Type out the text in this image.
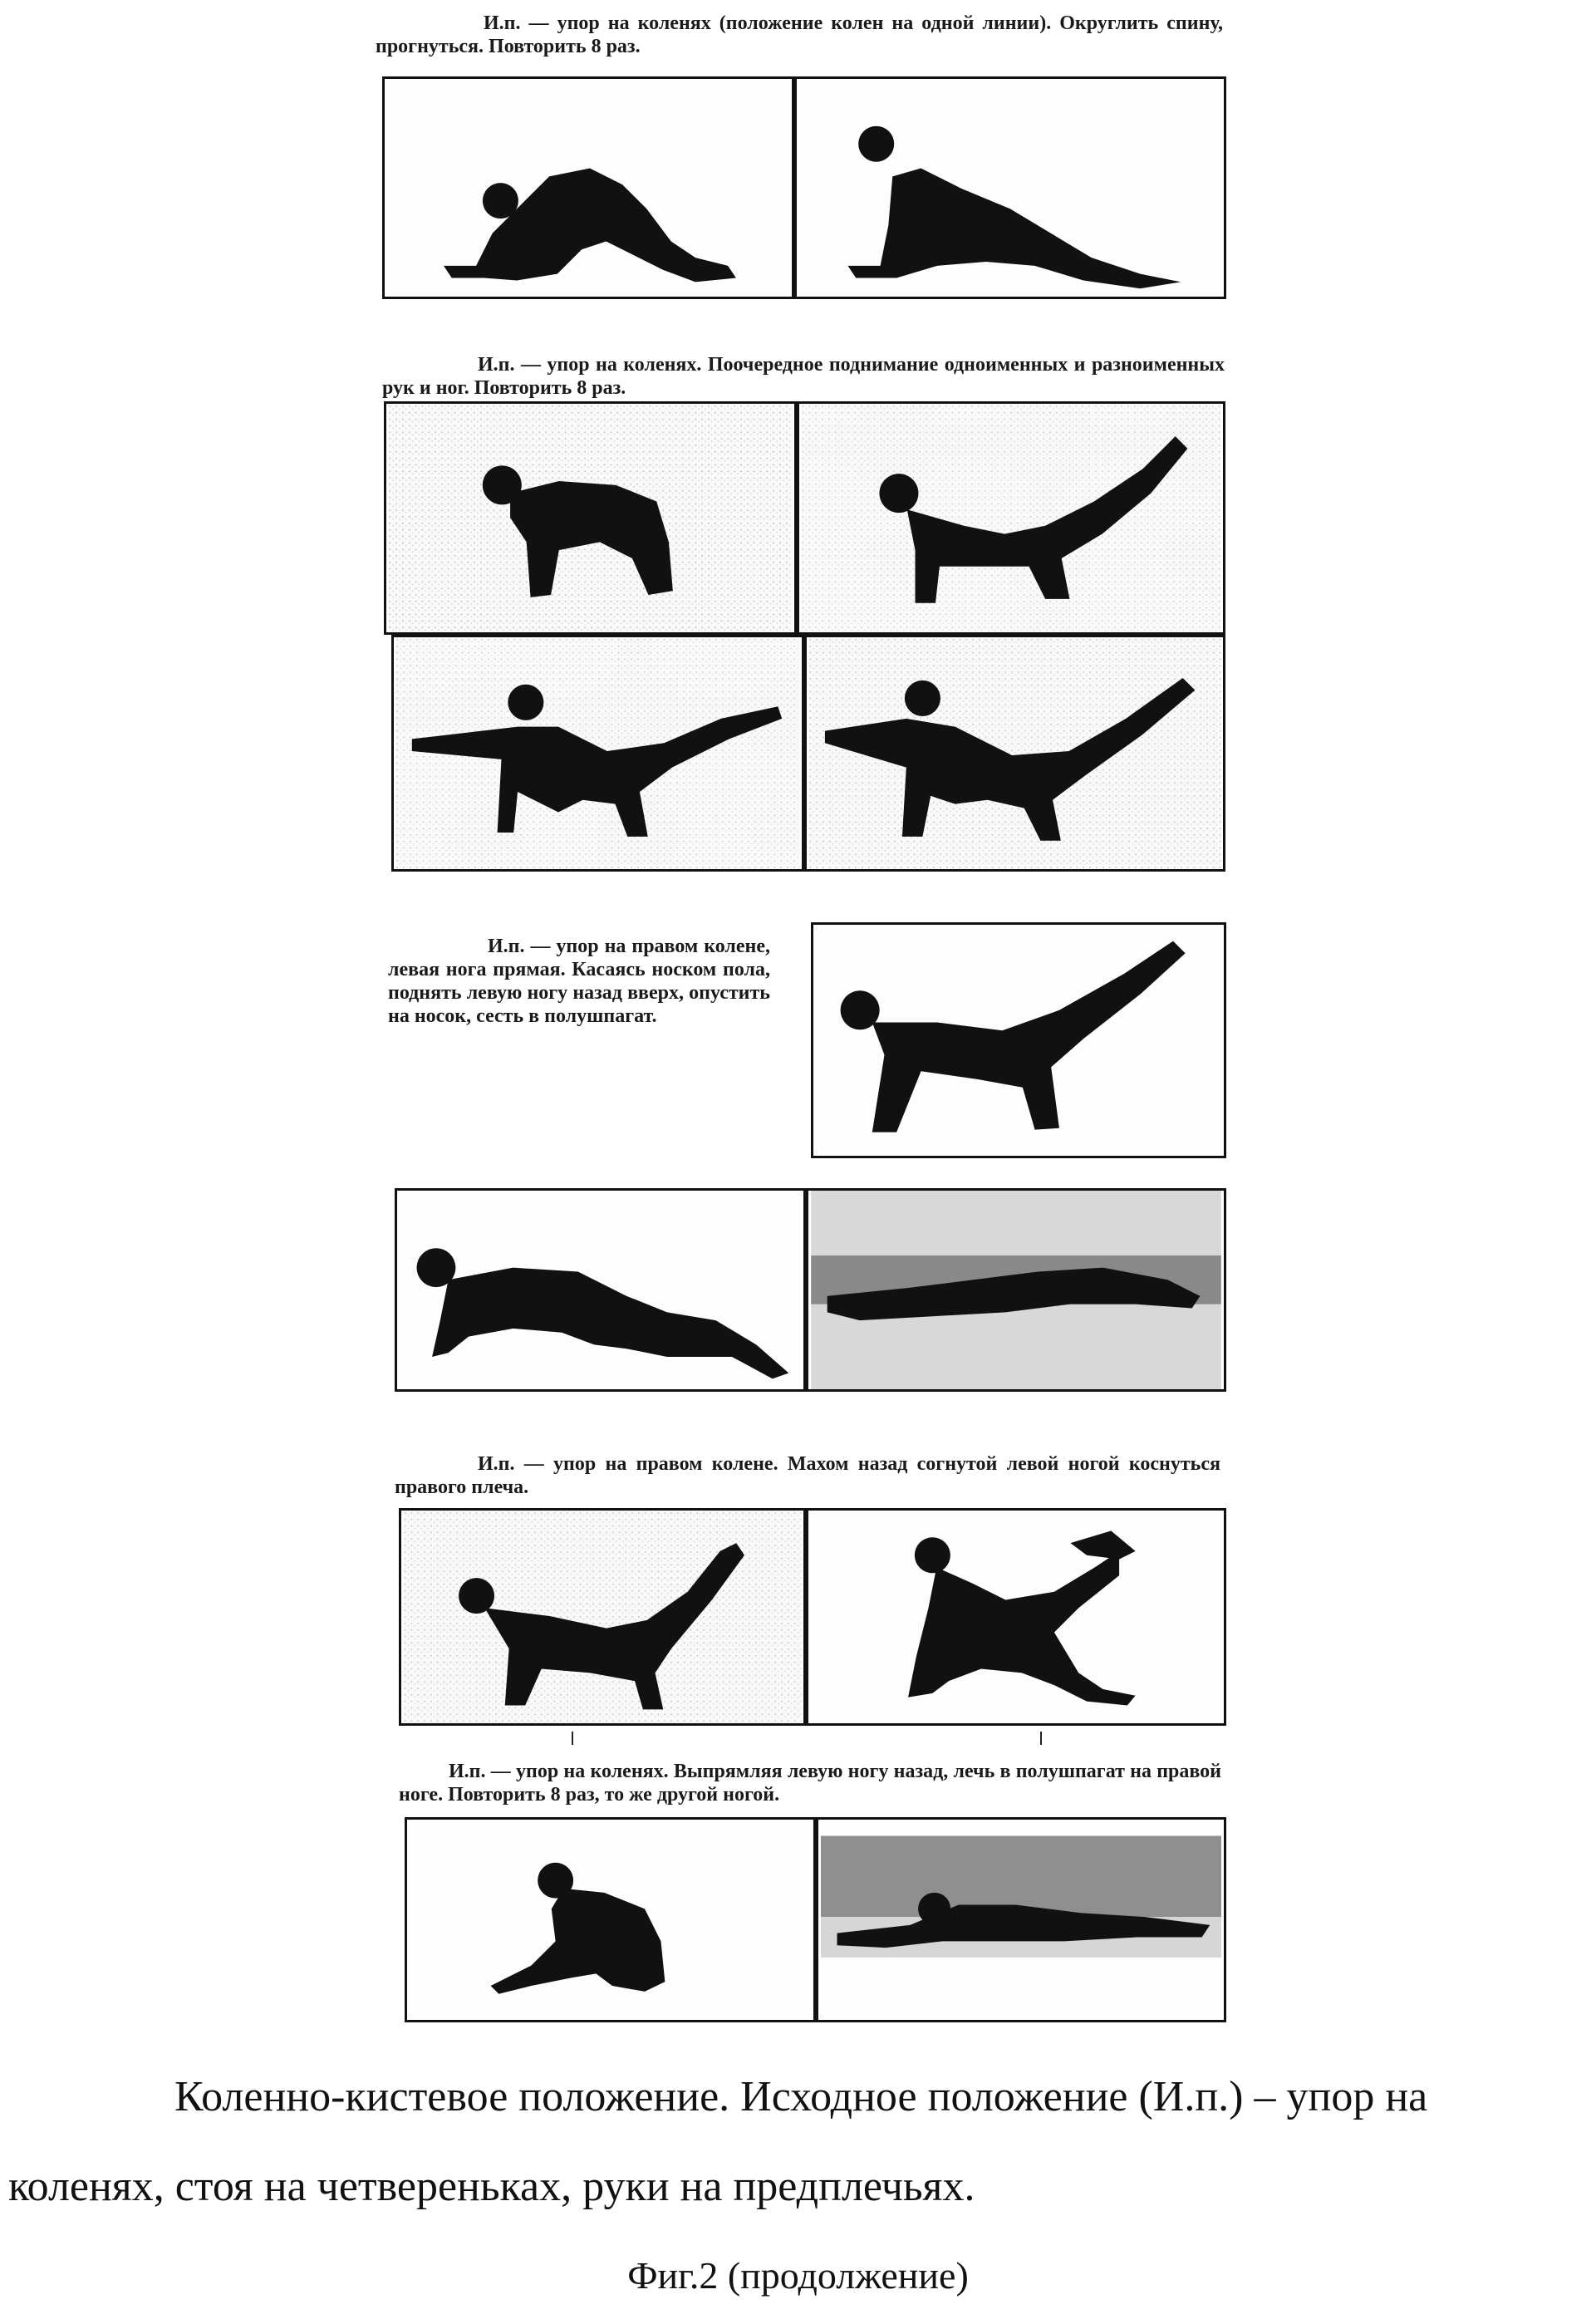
И.п. — упор на коленях (положение колен на одной линии). Округлить спину, прогнуться. Повторить 8 раз.
И.п. — упор на коленях. Поочередное поднимание одноименных и разноименных рук и ног. Повторить 8 раз.
И.п. — упор на правом колене, левая нога прямая. Касаясь носком пола, поднять левую ногу назад вверх, опустить на носок, сесть в полушпагат.
И.п. — упор на правом колене. Махом назад согнутой левой ногой коснуться правого плеча.
И.п. — упор на коленях. Выпрямляя левую ногу назад, лечь в полушпагат на правой ноге. Повторить 8 раз, то же другой ногой.
Коленно-кистевое положение. Исходное положение (И.п.) – упор на
коленях, стоя на четвереньках, руки на предплечьях.
Фиг.2 (продолжение)
